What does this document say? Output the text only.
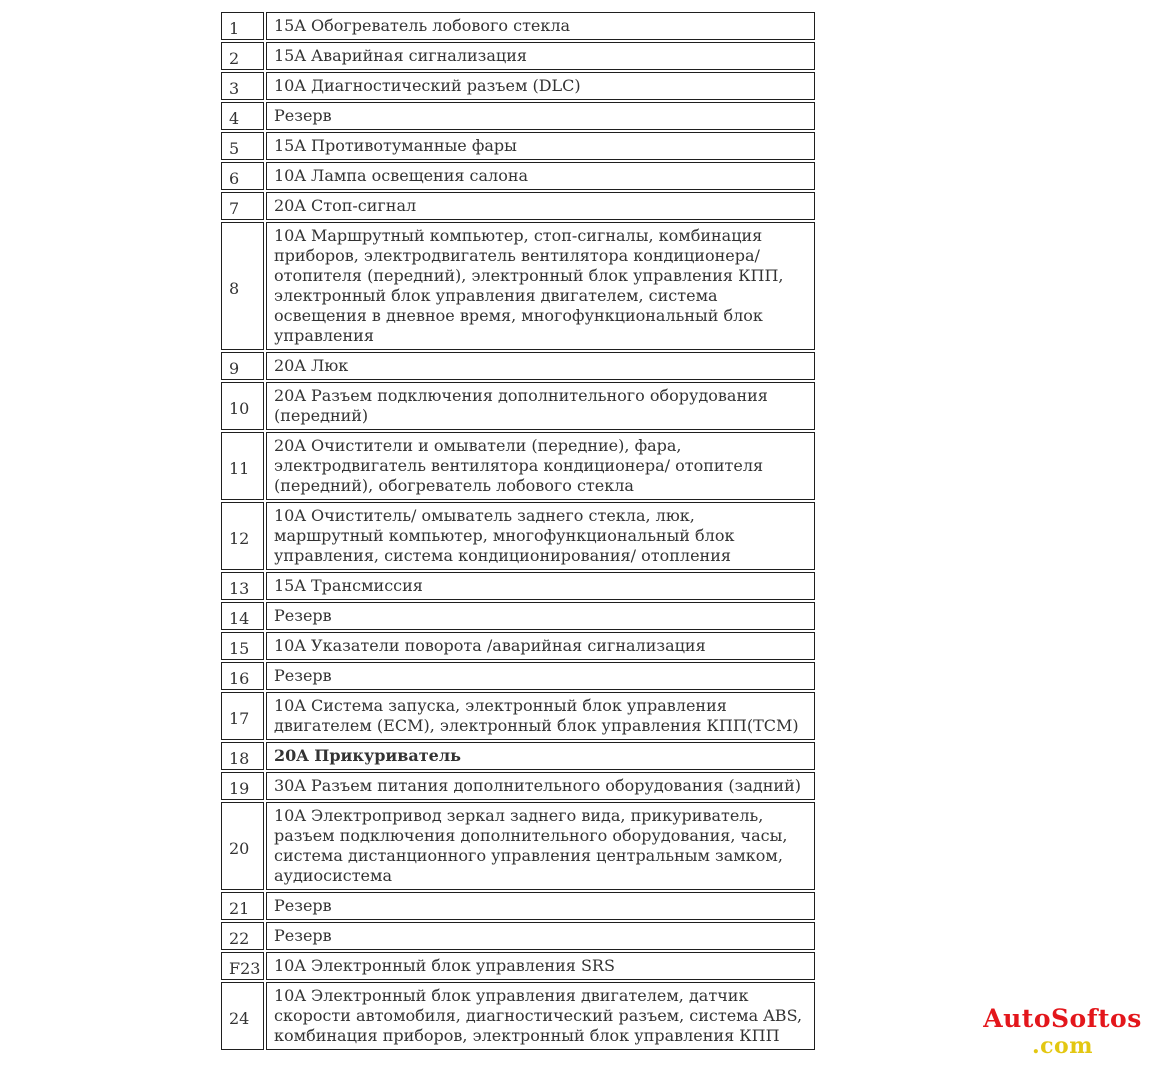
1	15A Обогреватель лобового стекла
2	15A Аварийная сигнализация
3	10A Диагностический разъем (DLC)
4	Резерв
5	15A Противотуманные фары
6	10A Лампа освещения салона
7	20A Стоп-сигнал
8	10A Маршрутный компьютер, стоп-сигналы, комбинация приборов, электродвигатель вентилятора кондиционера/ отопителя (передний), электронный блок управления КПП, электронный блок управления двигателем, система освещения в дневное время, многофункциональный блок управления
9	20A Люк
10	20A Разъем подключения дополнительного оборудования (передний)
11	20A Очистители и омыватели (передние), фара, электродвигатель вентилятора кондиционера/ отопителя (передний), обогреватель лобового стекла
12	10A Очиститель/ омыватель заднего стекла, люк, маршрутный компьютер, многофункциональный блок управления, система кондиционирования/ отопления
13	15A Трансмиссия
14	Резерв
15	10A Указатели поворота /аварийная сигнализация
16	Резерв
17	10A Система запуска, электронный блок управления двигателем (ECM), электронный блок управления КПП(TCM)
18	20A Прикуриватель
19	30A Разъем питания дополнительного оборудования (задний)
20	10A Электропривод зеркал заднего вида, прикуриватель, разъем подключения дополнительного оборудования, часы, система дистанционного управления центральным замком, аудиосистема
21	Резерв
22	Резерв
F23	10A Электронный блок управления SRS
24	10A Электронный блок управления двигателем, датчик скорости автомобиля, диагностический разъем, система ABS, комбинация приборов, электронный блок управления КПП
AutoSoftos
.com
